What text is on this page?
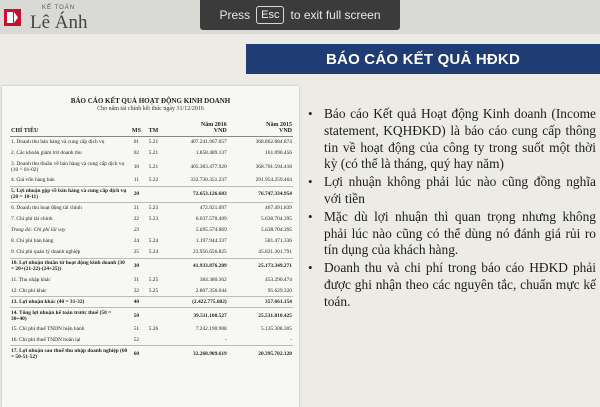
KẾ TOÁN
Lê Ánh	Press	Esc to exit full screen
BÁO CÁO KẾT QUẢ HĐKD
BÁO CÁO KẾT QUẢ HOẠT ĐỘNG KINH DOANH
Cho năm tài chính kết thúc ngày 31/12/2016
CHỈ TIÊU	MS	TM	Năm 2016
VND	Năm 2015
VND
1. Doanh thu bán hàng và cung cấp dịch vụ	01	5.21	407.241.967.057	368.862.684.874
2. Các khoản giảm trừ doanh thu	02	5.21	1.858.489.137	161.090.456
3. Doanh thu thuần về bán hàng và cung cấp dịch vụ (10 = 01-02)	10	5.21	405.383.477.920	368.701.594.418
4. Giá vốn hàng bán	11	5.22	332.730.351.237	291.954.259.464
5. Lợi nhuận gộp về bán hàng và cung cấp dịch vụ (20 = 10-11)	20		72.653.126.683	76.747.334.954
6. Doanh thu hoạt động tài chính	21	5.23	472.921.097	467.491.839
7. Chi phí tài chính	22	5.23	6.037.570.409	5.638.704.395
Trong đó: Chi phí lãi vay	23		5.695.574.869	5.638.704.395
8. Chi phí bán hàng	24	5.24	1.197.944.337	581.471.336
9. Chi phí quản lý doanh nghiệp	25	5.24	23.956.656.825	45.821.301.791
10. Lợi nhuận thuần từ hoạt động kinh doanh (30 = 20+(21-22)-(24+25))	30		41.933.876.209	25.173.349.271
11. Thu nhập khác	31	5.25	384.380.362	453.290.474
12. Chi phí khác	32	5.25	2.807.356.044	95.629.320
13. Lợi nhuận khác (40 = 31-32)	40		(2.422.775.682)	357.661.154
14. Tổng lợi nhuận kế toán trước thuế (50 = 30+40)	50		39.511.100.527	25.531.010.425
15. Chi phí thuế TNDN hiện hành	51	5.26	7.242.190.908	5.135.308.305
16. Chi phí thuế TNDN hoãn lại	52		-	-
17. Lợi nhuận sau thuế thu nhập doanh nghiệp (60 = 50-51-52)	60		32.268.909.619	20.395.702.120
• Báo cáo Kết quả Hoạt động Kinh doanh (Income statement, KQHĐKD) là báo cáo cung cấp thông tin về hoạt động của công ty trong suốt một thời kỳ (có thể là tháng, quý hay năm)
• Lợi nhuận không phải lúc nào cũng đồng nghĩa với tiền
• Mặc dù lợi nhuận thì quan trọng nhưng không phải lúc nào cũng có thể dùng nó đánh giá rủi ro tín dụng của khách hàng.
• Doanh thu và chi phí trong báo cáo HĐKD phải được ghi nhận theo các nguyên tắc, chuẩn mực kế toán.
